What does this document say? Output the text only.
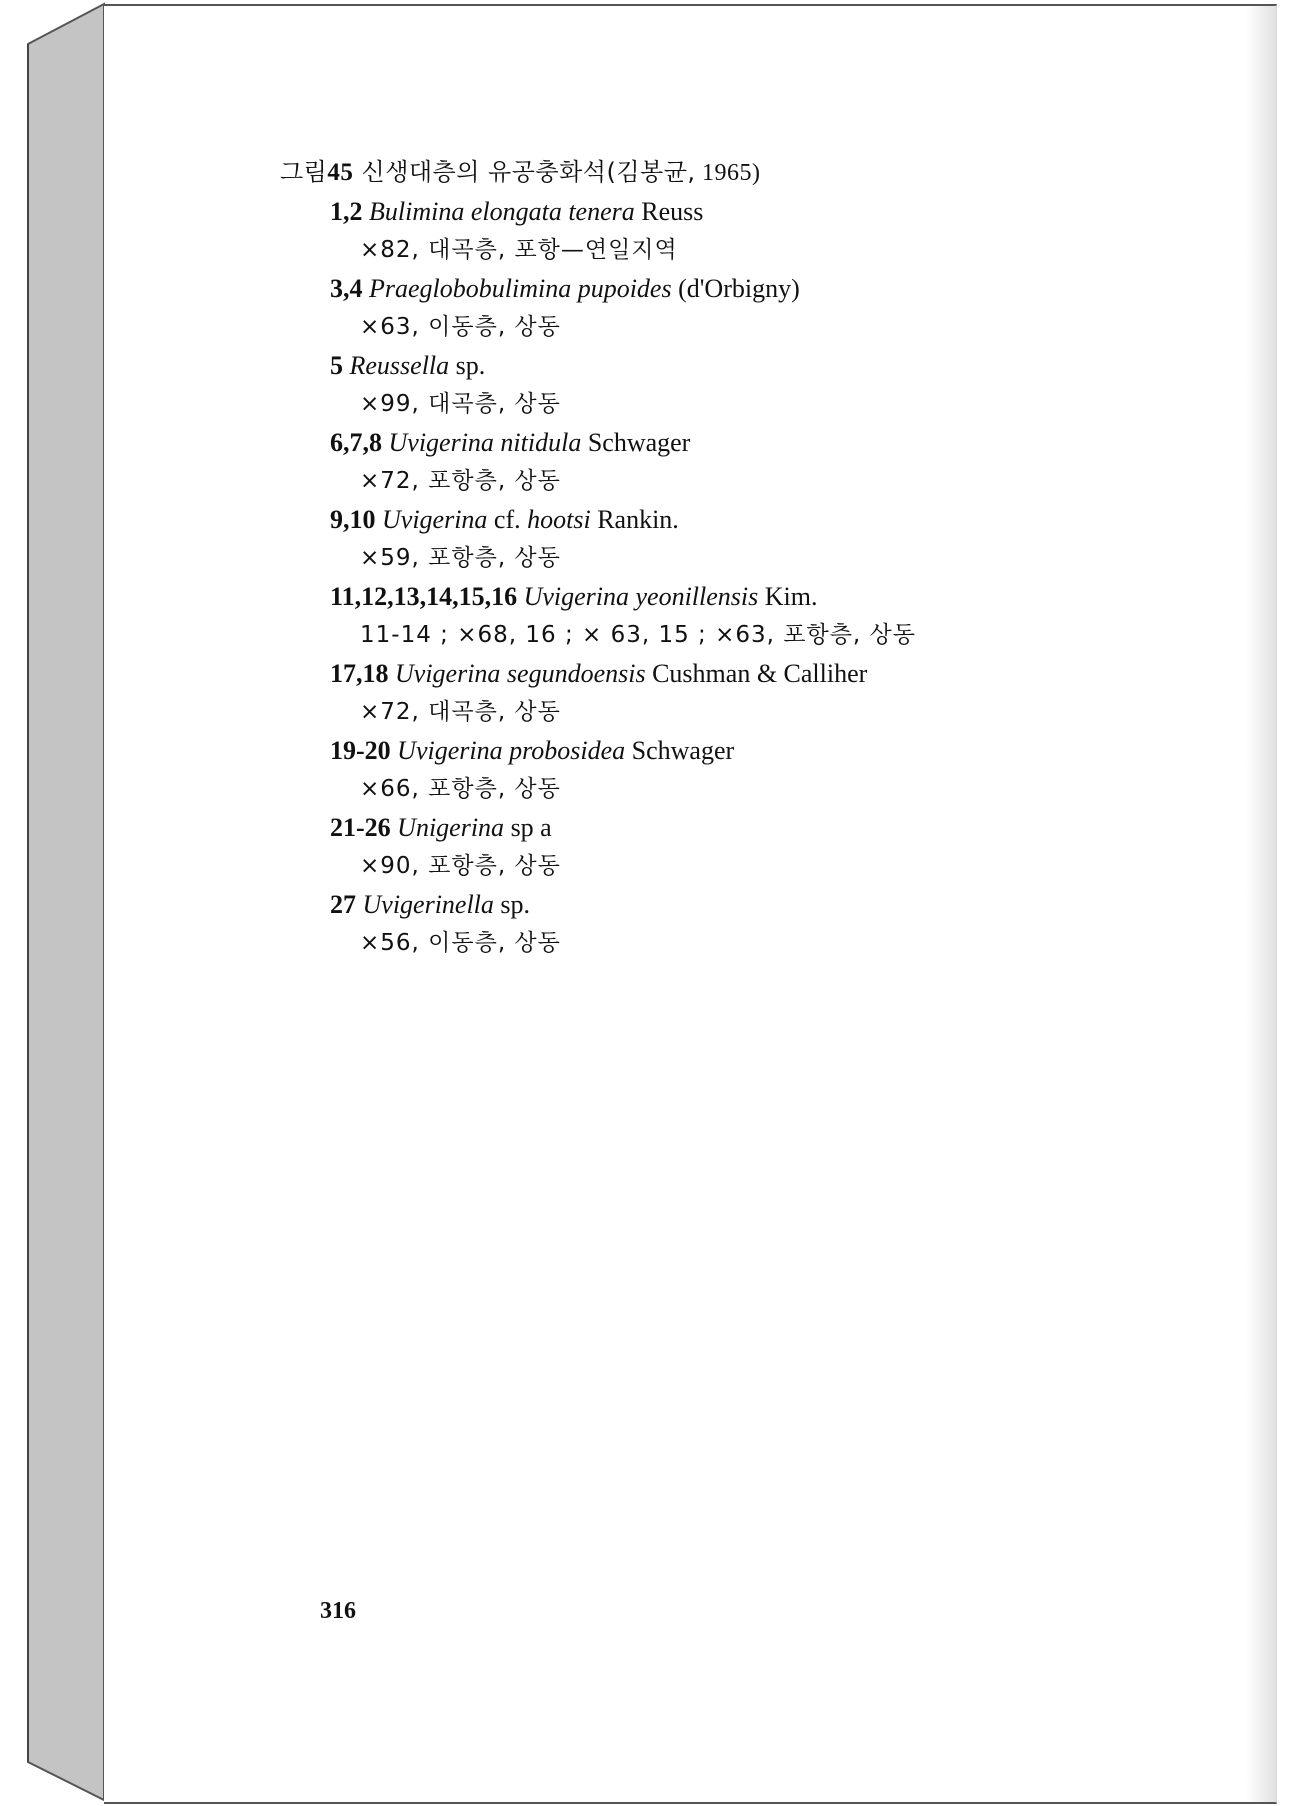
그림45 신생대층의 유공충화석(김봉균, 1965)
1,2 Bulimina elongata tenera Reuss
×82, 대곡층, 포항—연일지역
3,4 Praeglobobulimina pupoides (d'Orbigny)
×63, 이동층, 상동
5 Reussella sp.
×99, 대곡층, 상동
6,7,8 Uvigerina nitidula Schwager
×72, 포항층, 상동
9,10 Uvigerina cf. hootsi Rankin.
×59, 포항층, 상동
11,12,13,14,15,16 Uvigerina yeonillensis Kim.
11-14 ; ×68, 16 ; × 63, 15 ; ×63, 포항층, 상동
17,18 Uvigerina segundoensis Cushman & Calliher
×72, 대곡층, 상동
19-20 Uvigerina probosidea Schwager
×66, 포항층, 상동
21-26 Unigerina sp a
×90, 포항층, 상동
27 Uvigerinella sp.
×56, 이동층, 상동
316
